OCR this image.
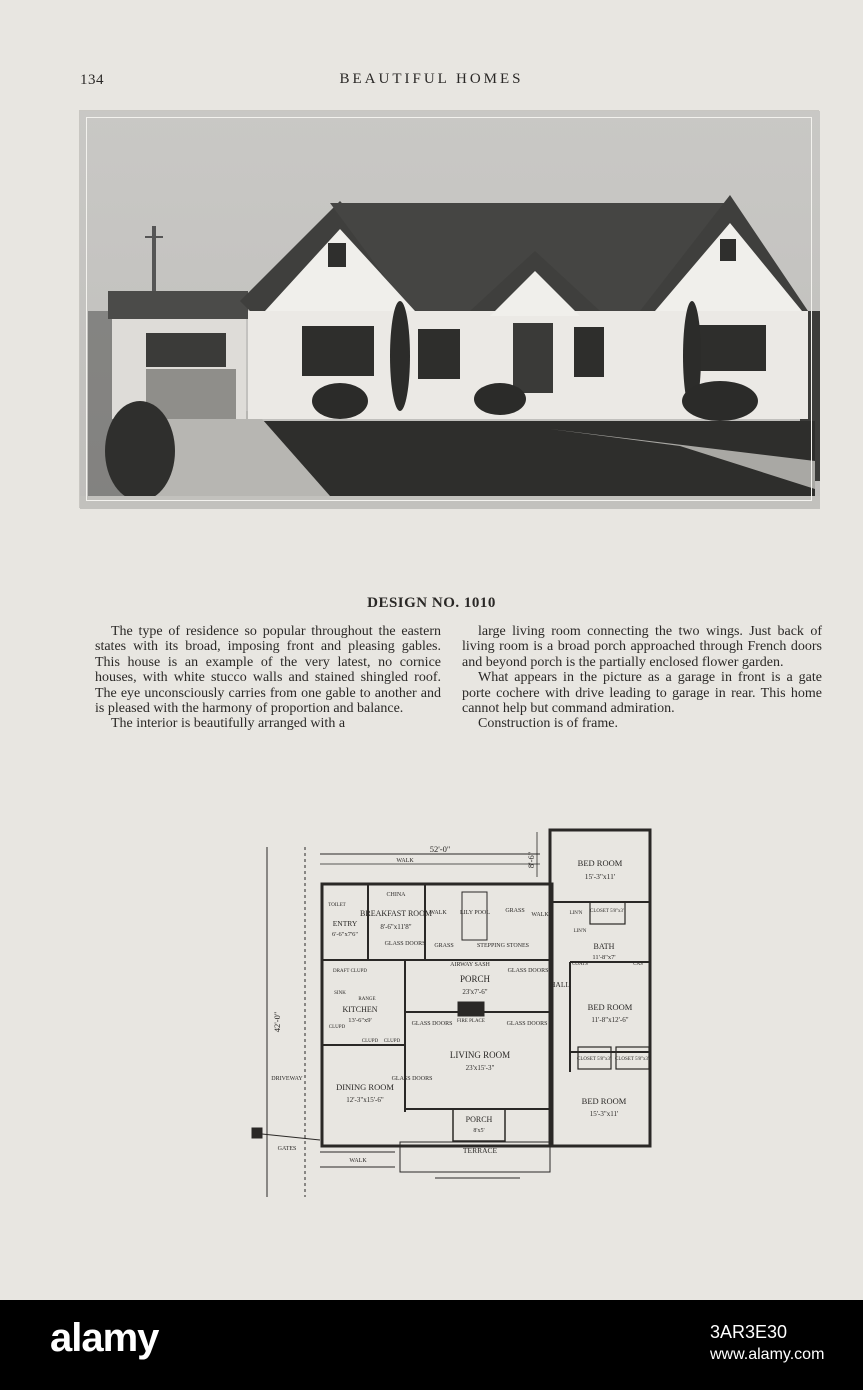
134	BEAUTIFUL HOMES
DESIGN NO. 1010

The type of residence so popular throughout the eastern states with its broad, imposing front and pleasing gables. This house is an example of the very latest, no cornice houses, with white stucco walls and stained shingled roof. The eye unconsciously carries from one gable to another and is pleased with the harmony of proportion and balance.

The interior is beautifully arranged with a

large living room connecting the two wings. Just back of living room is a broad porch approached through French doors and beyond porch is the partially enclosed flower garden.

What appears in the picture as a garage in front is a gate porte cochere with drive leading to garage in rear. This home cannot help but command admiration.

Construction is of frame.

52'-0"
42'-0"
8'-6"	BED ROOM
15'-3"x11'
BREAKFAST ROOM
8'-6"x11'8"
ENTRY
6'-6"x7'6"
BATH
11'-8"x7'
PORCH
23'x7'-6"
KITCHEN
13'-6"x9'
BED ROOM
11'-8"x12'-6"
LIVING ROOM
23'x15'-3"
DINING ROOM
12'-3"x15'-6"	BED ROOM
15'-3"x11'
PORCH
8'x5'
TERRACE
HALL
WALK
WALK
WALK	WALK
DRIVEWAY
GATES
CHINA
LILY POOL	GRASS
GRASS	STEPPING STONES
AIRWAY SASH
GLASS DOORS
GLASS DOORS
GLASS DOORS	GLASS DOORS
GLASS DOORS
FIRE PLACE
CLOSET 5'8"x3'
CLOSET 5'8"x3' CLOSET 5'8"x3'
LIN'N
LIN'N
COATS	CAS
TOILET
DRAFT CLUPD
RANGE
SINK
CLUPD
CLUPD CLUPD
alamy	3AR3E30
www.alamy.com
